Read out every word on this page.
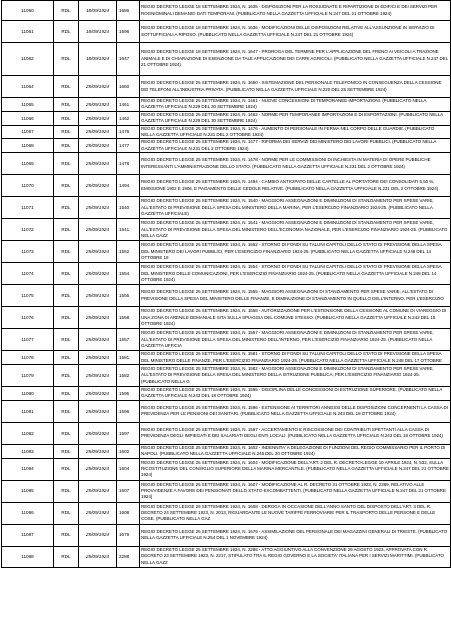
11060	RDL	18/09/1924	1686	REGIO DECRETO LEGGE 18 SETTEMBRE 1924, N. 1635 - DISPOSIZIONI PER LA ROSSIGNATE E RIPARTIZIONE DI EDIFICI E DEI SERVIZI PER ROGNIOMINALI DEMANIO DATI TEMPORANI. (PUBBLICATO NELLA GAZZETTA UFFICIALE N.247 DEL 21 OTTOBRE 1924)
11061	RDL	18/09/1924	1696	REGIO DECRETO LEGGE 18 SETTEMBRE 1924, N. 1636 - MODIFICAZIONI DELLE DISPOSIZIONI RELATIVE ALL'ASSUNZIONE IN SERVIZIO DI SOTTUFFICIALI A RIPOSO. (PUBBLICATO NELLA GAZZETTA UFFICIALE N.247 DEL 21 OTTOBRE 1924)
11062	RDL	18/09/1924	1647	REGIO DECRETO LEGGE 18 SETTEMBRE 1924, N. 1647 - PROROGA DEL TERMINE PER L'APPLICAZIONE DEL FRENO AI VEICOLI A TRAZIONE ANIMALE E DI CHIARAZIONE DI ESENZIONE DA TALE APPLICAZIONE DEI CARRI AGRICOLI. (PUBBLICATO NELLA GAZZETTA UFFICIALE N.247 DEL 21 OTTOBRE 1924)
11064	RDL	25/09/1924	1660	REGIO DECRETO LEGGE 25 SETTEMBRE 1924, N. 1660 - SISTEMAZIONE DEL PERSONALE TELEFONICO IN CONSEGUENZA DELLA CESSIONE DEI TELEFONI ALL'INDUSTRIA PRIVATA. (PUBBLICATO NELLA GAZZETTA UFFICIALE N.220 DEL 25 SETTEMBRE 1924)
11065	RDL	25/09/1924	1461	REGIO DECRETO LEGGE 25 SETTEMBRE 1924, N. 1461 - NUOVE CONCESSIONI DI TEMPORANEE IMPORTAZIONI. (PUBBLICATO NELLA GAZZETTA UFFICIALE N.229 DEL 30 SETTEMBRE 1924)
11066	RDL	25/09/1924	1462	REGIO DECRETO LEGGE 25 SETTEMBRE 1924, N. 1462 - NORME PER TEMPORANEE IMPORTAZIONI E DI ESPORTAZIONI. (PUBBLICATO NELLA GAZZETTA UFFICIALE N.229 DEL 30 SETTEMBRE 1924)
11067	RDL	25/09/1924	1476	REGIO DECRETO LEGGE 25 SETTEMBRE 1924, N. 1476 - AUMENTO DI PERSONALE IN FERMA NEL CORPO DELLE GUARDIE. (PUBBLICATO NELLA GAZZETTA UFFICIALE N.231 DEL 2 OTTOBRE 1924)
11068	RDL	25/09/1924	1477	REGIO DECRETO LEGGE 25 SETTEMBRE 1924, N. 1477 - RIFORMA DEI SERVIZI DEI MINISTERO DEI LAVORI PUBBLICI. (PUBBLICATO NELLA GAZZETTA UFFICIALE N.231 DEL 2 OTTOBRE 1924)
11069	RDL	25/09/1924	1478	REGIO DECRETO LEGGE 25 SETTEMBRE 1924, N. 1478 - NORME PER LE COMMISSIONI DI INCHIESTA IN MATERIA DI OPERE PUBBLICHE INTERESSANTI L'AMMINISTRAZIONE DELLO STATO. (PUBBLICATO NELLA GAZZETTA UFFICIALE N.231 DEL 2 OTTOBRE 1924)
11070	RDL	25/09/1924	1494	REGIO DECRETO LEGGE 25 SETTEMBRE 1924, N. 1494 - CAMBIO ANTICIPATO DELLE CARTELLE AL PORTATORE DEI CONSOLIDATI 5,50 %, EMISSIONE 1902 E 1906, E PAGAMENTO DELLE CEDOLE RELATIVE. (PUBBLICATO NELLA GAZZETTA UFFICIALE N.231 DEL 2 OTTOBRE 1924)
11071	RDL	25/09/1924	1540	REGIO DECRETO LEGGE 25 SETTEMBRE 1924, N. 1540 - MAGGIORI ASSEGNAZIONI E DIMINUZIONI DI STANZIAMENTO PER SPESE VARIE, ALL'ESTATO DI PREVISIONE DELLA SPESA DEL MINISTERO DELLA MARINA, PER L'ESERCIZIO FINANZIARIO 1924-25. (PUBBLICATO NELLA GAZZETTA UFFICIALE)
11072	RDL	25/09/1924	1541	REGIO DECRETO LEGGE 25 SETTEMBRE 1924, N. 1541 - MAGGIORI ASSEGNAZIONI E DIMINUZIONI DI STANZIAMENTO PER SPESE VARIE, ALL'ESTATO DI PREVISIONE DELLA SPESA DEL MINISTERO DELL'ECONOMIA NAZIONALE, PER L'ESERCIZIO FINANZIARIO 1924-25. (PUBBLICATO NELLA GAZZ
11073	RDL	25/09/1924	1552	REGIO DECRETO LEGGE 25 SETTEMBRE 1924, N. 1552 - STORNO DI FONDI SU TALUNI CAPITOLI DELLO STATO DI PREVISIONE DELLA SPESA DEL MINISTERO DEI LAVORI PUBBLICI, PER L'ESERCIZIO FINANZIARIO 1924-25. (PUBBLICATO NELLA GAZZETTA UFFICIALE N.248 DEL 14 OTTOBRE 19
11074	RDL	25/09/1924	1554	REGIO DECRETO LEGGE 25 SETTEMBRE 1924, N. 1554 - STORNO DI FONDI SU TALUNI CAPITOLI DELLO STATO DI PREVISIONE DELLA SPESA DEL MINISTERO DELLE COMUNICAZIONI, PER L'ESERCIZIO FINANZIARIO 1924-25. (PUBBLICATO NELLA GAZZETTA UFFICIALE N.248 DEL 14 OTTOBRE 1924)
11075	RDL	25/09/1924	1555	REGIO DECRETO LEGGE 25 SETTEMBRE 1924, N. 1555 - MAGGIORI ASSEGNAZIONI DI STANZIAMENTO PER SPESE VARIE, ALL'ESTATO DI PREVISIONE DELLA SPESA DEL MINISTERO DELLE FINANZE, E DIMINUZIONE DI STANZIAMENTO IN QUELLO DELL'INTERNO, PER L'ESERCIZIO
11076	RDL	25/09/1924	1558	REGIO DECRETO LEGGE 25 SETTEMBRE 1924, N. 1558 - AUTORIZZAZIONE PER L'ESTENSIONE DELLA CESSIONE AL COMUNE DI VIAREGGIO DI UNA ZONA DI ARENILE DEMANIALE SITA SULLA SPIAGGIA DEL COMUNE STESSO. (PUBBLICATO NELLA GAZZETTA UFFICIALE N.242 DEL 15 OTTOBRE 1924)
11077	RDL	25/09/1924	1557	REGIO DECRETO LEGGE 25 SETTEMBRE 1924, N. 1557 - MAGGIORI ASSEGNAZIONI E DIMINUZIONI DI STANZIAMENTO PER SPESE VARIE, ALL'ESTATO DI PREVISIONE DELLA SPESA DEL MINISTERO DELL'INTERNO, PER L'ESERCIZIO FINANZIARIO 1924-25. (PUBBLICATO NELLA GAZZETTA UFFICIA
11078	RDL	25/09/1924	1581	REGIO DECRETO LEGGE 25 SETTEMBRE 1924, N. 1581 - STORNO DI FONDI SU TALUNI CAPITOLI DELLO STATO DI PREVISIONE DELLA SPESA DEL MINISTERO DELLE FINANZE, PER L'ESERCIZIO FINANZIARIO 1924-25. (PUBBLICATO NELLA GAZZETTA UFFICIALE N.248 DEL 17 OTTOBRE
11079	RDL	25/09/1924	1582	REGIO DECRETO LEGGE 25 SETTEMBRE 1924, N. 1582 - MAGGIORI ASSEGNAZIONI E DIMINUZIONI DI STANZIAMENTO PER SPESE VARIE, ALL'ESTATO DI PREVISIONE DELLA SPESA DEL MINISTERO DELLA ISTRUZIONE PUBBLICA, PER L'ESERCIZIO FINANZIARIO 1924-25. (PUBBLICATO NELLA G
11080	RDL	25/09/1924	1595	REGIO DECRETO LEGGE 25 SETTEMBRE 1924, N. 1595 - DISCIPLINA DELLE CONCESSIONI DI ESTRUZIONE SUPERIORE. (PUBBLICATO NELLA GAZZETTA UFFICIALE N.243 DEL 18 OTTOBRE 1924)
11081	RDL	25/09/1924	1596	REGIO DECRETO LEGGE 25 SETTEMBRE 1924, N. 1596 - ESTENSIONE AI TERRITORI ANNESSI DELLE DISPOSIZIONI CONCERNENTI LA CASSA DI PREVIDENZA PER LE PENSIONI DEI SANITARI. (PUBBLICATO NELLA GAZZETTA UFFICIALE N.243 DEL 18 OTTOBRE 1924)
11082	RDL	25/09/1924	1597	REGIO DECRETO LEGGE 25 SETTEMBRE 1924, N. 1597 - ACCERTAMENTO E RISCOSSIONE DEI CONTRIBUTI SPETTANTI ALLA CASSA DI PREVIDENZA DEGLI IMPIEGATI E DEI SALARIATI DEGLI ENTI LOCALI. (PUBBLICATO NELLA GAZZETTA UFFICIALE N.243 DEL 18 OTTOBRE 1924)
11083	RDL	25/09/1924	1602	REGIO DECRETO LEGGE 25 SETTEMBRE 1924, N. 1602 - INDENNITA' A DELEGAZIONE DI FUNZIONI DEL REGIO COMMISSARIO PER IL PORTO DI NAPOLI. (PUBBLICATO NELLA GAZZETTA UFFICIALE N.246 DEL 20 OTTOBRE 1924)
11084	RDL	25/09/1924	1604	REGIO DECRETO LEGGE 25 SETTEMBRE 1924, N. 1604 - MODIFICAZIONE DELL'ART. 2 DEL R. DECRETO-LEGGE 10 APRILE 1924, N. 532, SULLA RICOSTITUZIONE DEL CONSIGLIO SUPERIORE DELLA MARINA MERCANTILE. (PUBBLICATO NELLA GAZZETTA UFFICIALE N.247 DEL 21 OTTOBRE 1924)
11085	RDL	25/09/1924	1607	REGIO DECRETO LEGGE 25 SETTEMBRE 1924, N. 1607 - MODIFICAZIONE AL R. DECRETO 31 OTTOBRE 1923, N. 2369, RELATIVO ALLE PROVVIDENZE A FAVORE DEI PENSIONATI DELLO STATO EXCOMBATTENTI. (PUBBLICATO NELLA GAZZETTA UFFICIALE N.247 DEL 21 OTTOBRE 1924)
11086	RDL	25/09/1924	1608	REGIO DECRETO LEGGE 25 SETTEMBRE 1924, N. 1608 - DEROGA IN OCCASIONE DELL'ANNO SANTO DEL DISPOSTO DELL'ART. 3 DEL R. DECRETO 24 SETTEMBRE 1923, N. 2013, RIGUARDANTE LE NUOVE TARIFFE FERROVIARIE PER IL TRASPORTO DELLE PERSONE E DELLE COSE. (PUBBLICATO NELLA GAZ
11087	RDL	25/09/1924	1679	REGIO DECRETO LEGGE 25 SETTEMBRE 1924, N. 1679 - ASSIMILAZIONE DEL PERSONALE DEI MAGAZZINI GENERALI DI TRIESTE. (PUBBLICATO NELLA GAZZETTA UFFICIALE N.254 DEL 1 NOVEMBRE 1924)
11088	RDL	25/09/1924	2288	REGIO DECRETO LEGGE 25 SETTEMBRE 1924, N. 2288 - ATTO AGGIUNTIVO ALLA CONVENZIONE 29 AGOSTO 1923, APPROVATA CON R. DECRETO 23 SETTEMBRE 1923, N. 2217, STIPULATO TRA IL REGIO GOVERNO E LA SOCIETA' ITALIANA PER I SERVIZI MARITTIMI. (PUBBLICATO NELLA GAZZ
